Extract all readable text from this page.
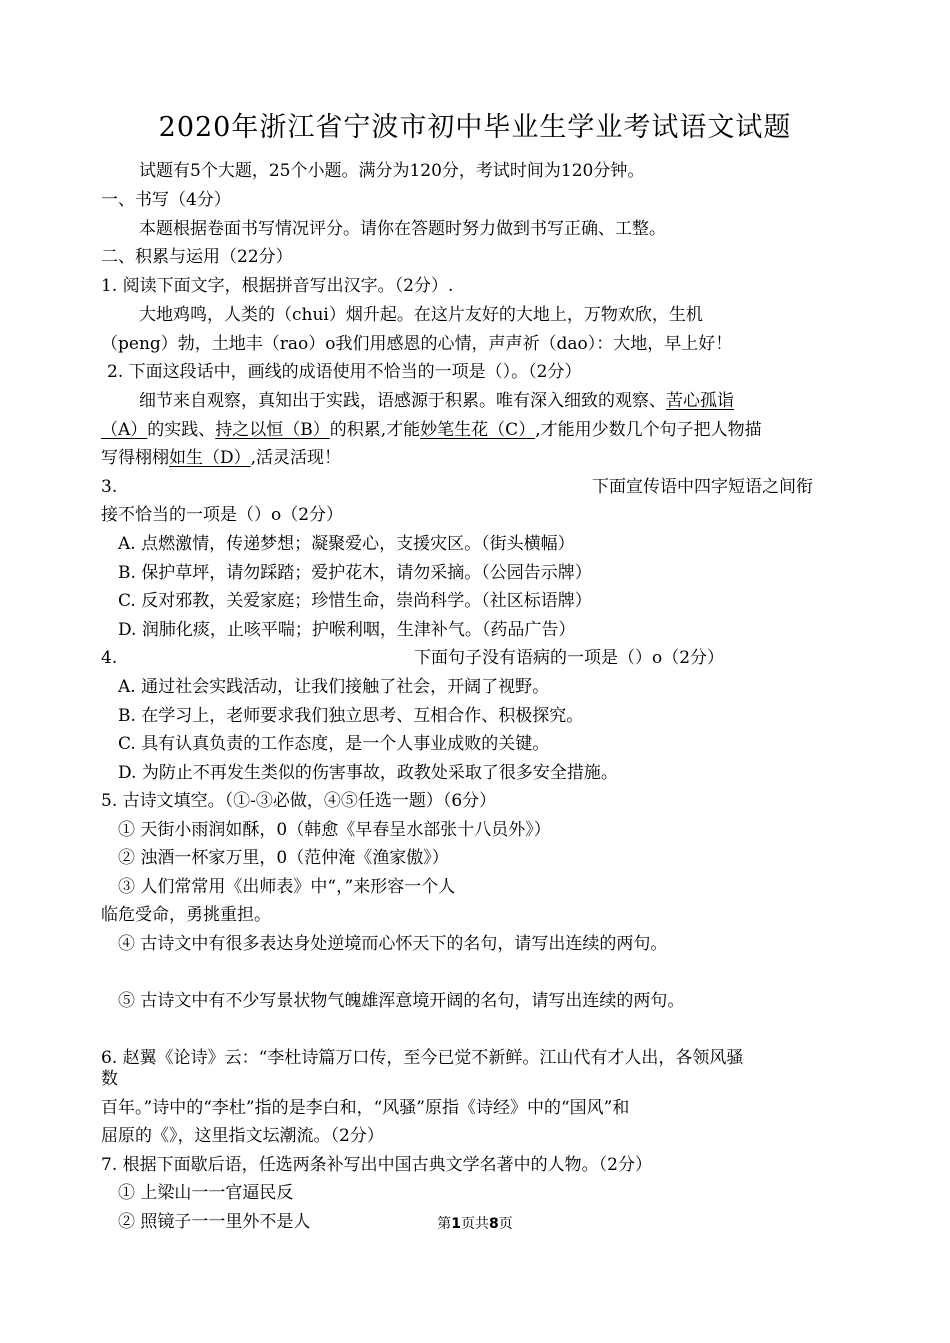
2020年浙江省宁波市初中毕业生学业考试语文试题
试题有5个大题，25个小题。满分为120分，考试时间为120分钟。
一、书写（4分）
本题根据卷面书写情况评分。请你在答题时努力做到书写正确、工整。
二、积累与运用（22分）
1. 阅读下面文字，根据拼音写出汉字。（2分）.
大地鸡鸣，人类的（chui）烟升起。在这片友好的大地上，万物欢欣，生机
（peng）勃，土地丰（rao）o我们用感恩的心情，声声祈（dao）：大地，早上好！
2. 下面这段话中，画线的成语使用不恰当的一项是（）。（2分）
细节来自观察，真知出于实践，语感源于积累。唯有深入细致的观察、苦心孤诣
（A）的实践、持之以恒（B）的积累,才能妙笔生花（C）,才能用少数几个句子把人物描
写得栩栩如生（D）,活灵活现！
3.	下面宣传语中四字短语之间衔
接不恰当的一项是（）o（2分）
A. 点燃激情，传递梦想；凝聚爱心，支援灾区。（街头横幅）
B. 保护草坪，请勿踩踏；爱护花木，请勿采摘。（公园告示牌）
C. 反对邪教，关爱家庭；珍惜生命，崇尚科学。（社区标语牌）
D. 润肺化痰，止咳平喘；护喉利咽，生津补气。（药品广告）
4.	下面句子没有语病的一项是（）o（2分）
A. 通过社会实践活动，让我们接触了社会，开阔了视野。
B. 在学习上，老师要求我们独立思考、互相合作、积极探究。
C. 具有认真负责的工作态度，是一个人事业成败的关键。
D. 为防止不再发生类似的伤害事故，政教处采取了很多安全措施。
5. 古诗文填空。（①-③必做，④⑤任选一题）（6分）
① 天街小雨润如酥，0（韩愈《早春呈水部张十八员外》）
② 浊酒一杯家万里，0（范仲淹《渔家傲》）
③ 人们常常用《出师表》中“，”来形容一个人
临危受命，勇挑重担。
④ 古诗文中有很多表达身处逆境而心怀天下的名句，请写出连续的两句。
⑤ 古诗文中有不少写景状物气魄雄浑意境开阔的名句，请写出连续的两句。
6. 赵翼《论诗》云：“李杜诗篇万口传，至今已觉不新鲜。江山代有才人出，各领风骚
数
百年。”诗中的“李杜”指的是李白和，“风骚”原指《诗经》中的“国风”和
屈原的《》，这里指文坛潮流。（2分）
7. 根据下面歇后语，任选两条补写出中国古典文学名著中的人物。（2分）
① 上梁山一一官逼民反
② 照镜子一一里外不是人	第1页共8页
